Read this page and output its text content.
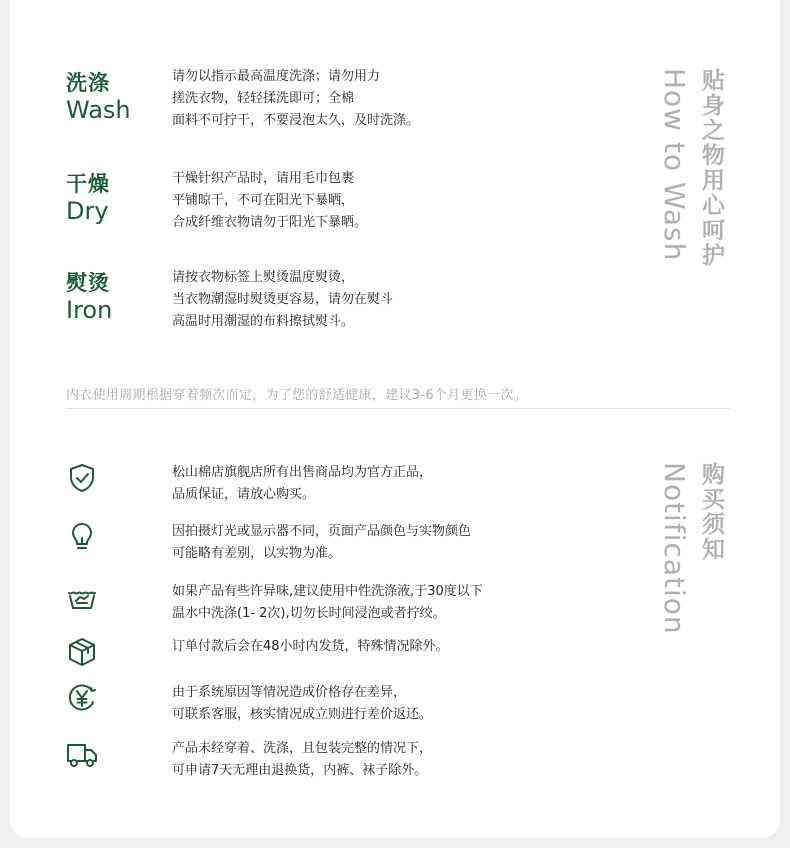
洗涤
Wash
请勿以指示最高温度洗涤；请勿用力
搓洗衣物，轻轻揉洗即可；全棉
面料不可拧干，不要浸泡太久，及时洗涤。
干燥
Dry
干燥针织产品时，请用毛巾包裹
平铺晾干，不可在阳光下暴晒，
合成纤维衣物请勿于阳光下暴晒。
熨烫
Iron
请按衣物标签上熨烫温度熨烫，
当衣物潮湿时熨烫更容易，请勿在熨斗
高温时用潮湿的布料擦拭熨斗。
How to Wash 贴身之物用心呵护
内衣使用周期根据穿着频次而定，为了您的舒适健康，建议3-6个月更换一次。
Notification 购买须知
松山棉店旗舰店所有出售商品均为官方正品，
品质保证，请放心购买。
因拍摄灯光或显示器不同，页面产品颜色与实物颜色
可能略有差别，以实物为准。
如果产品有些许异味,建议使用中性洗涤液,于30度以下
温水中洗涤(1- 2次),切勿长时间浸泡或者拧绞。
订单付款后会在48小时内发货，特殊情况除外。
由于系统原因等情况造成价格存在差异，
可联系客服，核实情况成立则进行差价返还。
产品未经穿着、洗涤，且包装完整的情况下，
可申请7天无理由退换货，内裤、袜子除外。
